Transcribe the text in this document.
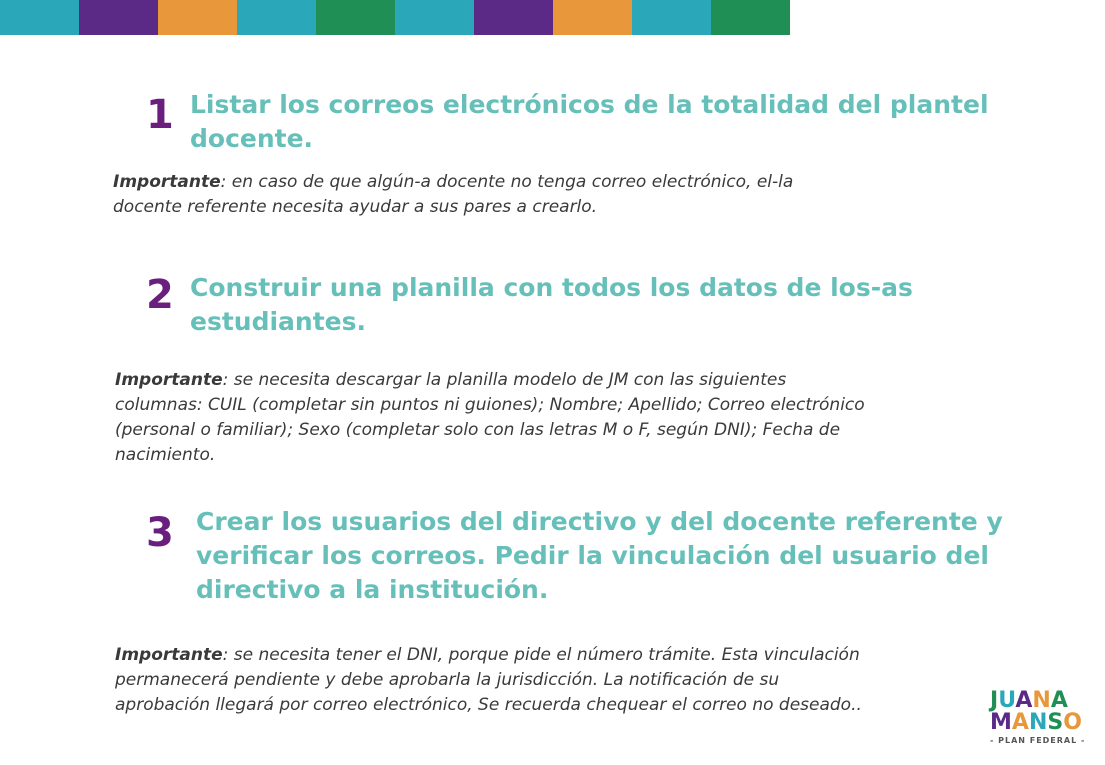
1 Listar los correos electrónicos de la totalidad del plantel
docente.
Importante: en caso de que algún-a docente no tenga correo electrónico, el-la
docente referente necesita ayudar a sus pares a crearlo.
2 Construir una planilla con todos los datos de los-as
estudiantes.
Importante: se necesita descargar la planilla modelo de JM con las siguientes
columnas: CUIL (completar sin puntos ni guiones); Nombre; Apellido; Correo electrónico
(personal o familiar); Sexo (completar solo con las letras M o F, según DNI); Fecha de
nacimiento.
3 Crear los usuarios del directivo y del docente referente y
verificar los correos. Pedir la vinculación del usuario del
directivo a la institución.
Importante: se necesita tener el DNI, porque pide el número trámite. Esta vinculación
permanecerá pendiente y debe aprobarla la jurisdicción. La notificación de su
aprobación llegará por correo electrónico, Se recuerda chequear el correo no deseado..	JUANA
MANSO
- PLAN FEDERAL -
